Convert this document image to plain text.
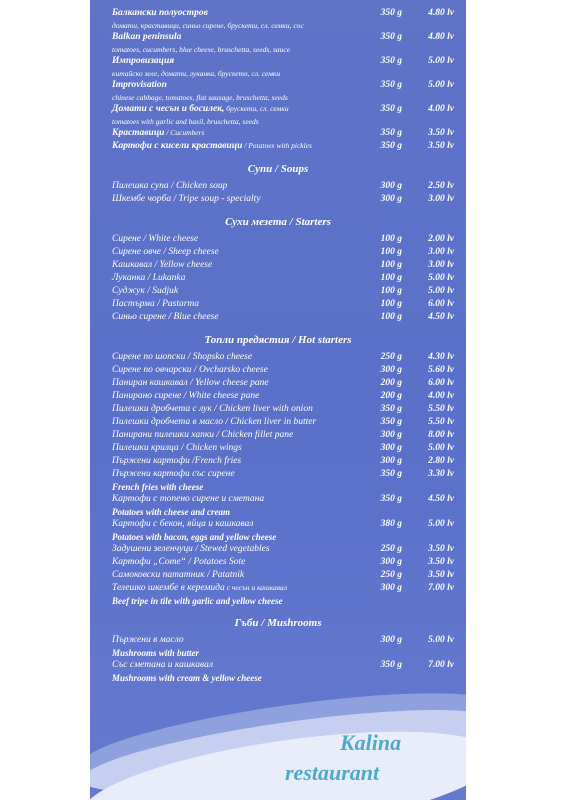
Балкански полуостров	350 g	4.80 lv
домати, краставици, синьо сирене, брускети, сл. семки, сос
Balkan peninsula	350 g	4.80 lv
tomatoes, cucumbers, blue cheese, bruschetta, seeds, sauce
Импровизация	350 g	5.00 lv
китайско зеле, домати, луканка, брускето, сл. семки
Improvisation	350 g	5.00 lv
chinese cabbage, tomatoes, flat sausage, bruschetta, seeds
Домати с чесън и босилек, брускети, сл. семки	350 g	4.00 lv
tomatoes with garlic and basil, bruschetta, seeds
Краставици / Cucumbers	350 g	3.50 lv
Картофи с кисели краставици / Potatoes with pickles	350 g	3.50 lv
Супи / Soups
Пилешка супа / Chicken soup	300 g	2.50 lv
Шкембе чорба / Tripe soup - specialty	300 g	3.00 lv
Сухи мезета / Starters
Сирене / White cheese	100 g	2.00 lv
Сирене овче / Sheep cheese	100 g	3.00 lv
Кашкавал / Yellow cheese	100 g	3.00 lv
Луканка / Lukanka	100 g	5.00 lv
Суджук / Sudjuk	100 g	5.00 lv
Пастърма / Pastarma	100 g	6.00 lv
Синьо сирене / Blue cheese	100 g	4.50 lv
Топли предястия / Hot starters
Сирене по шопски / Shopsko cheese	250 g	4.30 lv
Сирене по овчарски / Ovcharsko cheese	300 g	5.60 lv
Паниран кашкавал / Yellow cheese pane	200 g	6.00 lv
Панирано сирене / White cheese pane	200 g	4.00 lv
Пилешки дробчета с лук / Chicken liver with onion	350 g	5.50 lv
Пилешки дробчета в масло / Chicken liver in butter	350 g	5.50 lv
Панирани пилешки хапки / Chicken fillet pane	300 g	8.00 lv
Пилешки крилца / Chicken wings	300 g	5.00 lv
Пържени картофи /French fries	300 g	2.80 lv
Пържени картофи със сирене	350 g	3.30 lv
French fries with cheese
Картофи с топено сирене и сметана	350 g	4.50 lv
Potatoes with cheese and cream
Картофи с бекон, яйца и кашкавал	380 g	5.00 lv
Potatoes with bacon, eggs and yellow cheese
Задушени зеленчуци / Stewed vegetables	250 g	3.50 lv
Картофи „Соте“ / Potatoes Sote	300 g	3.50 lv
Самоковски пататник / Patatnik	250 g	3.50 lv
Телешко шкембе в керемида с чесън и кашкавал	300 g	7.00 lv
Beef tripe in tile with garlic and yellow cheese
Гъби / Mushrooms
Пържени в масло	300 g	5.00 lv
Mushrooms with butter
Със сметана и кашкавал	350 g	7.00 lv
Mushrooms with cream & yellow cheese
Kalina
restaurant
